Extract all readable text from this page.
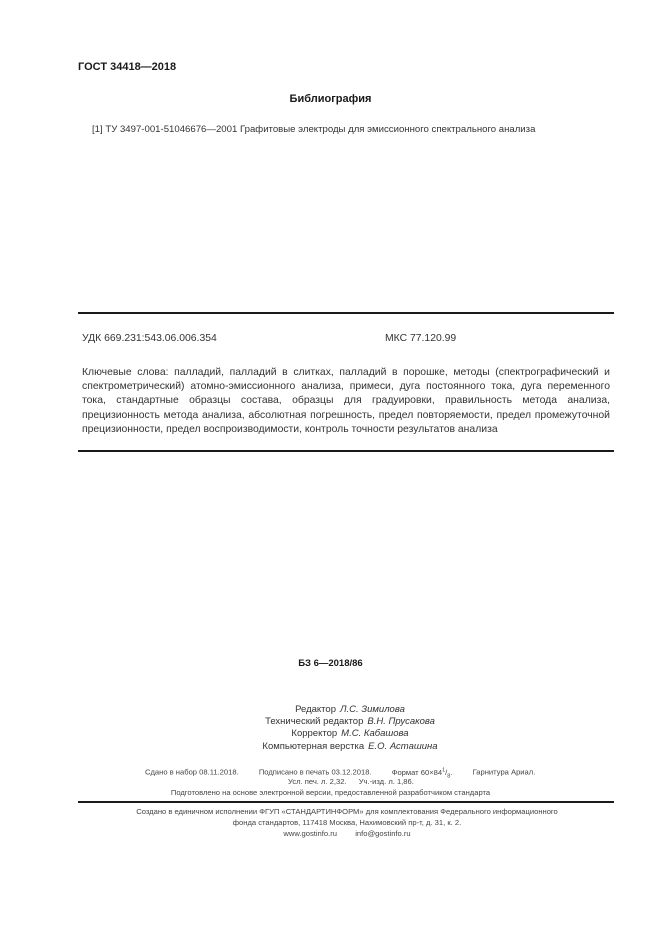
ГОСТ 34418—2018
Библиография
[1] ТУ 3497-001-51046676—2001 Графитовые электроды для эмиссионного спектрального анализа
УДК 669.231:543.06.006.354	МКС 77.120.99
Ключевые слова: палладий, палладий в слитках, палладий в порошке, методы (спектрографический и спектрометрический) атомно-эмиссионного анализа, примеси, дуга постоянного тока, дуга переменного тока, стандартные образцы состава, образцы для градуировки, правильность метода анализа, прецизионность метода анализа, абсолютная погрешность, предел повторяемости, предел промежуточной прецизионности, предел воспроизводимости, контроль точности результатов анализа
БЗ 6—2018/86
Редактор Л.С. Зимилова
Технический редактор В.Н. Прусакова
Корректор М.С. Кабашова
Компьютерная верстка Е.О. Асташина
Сдано в набор 08.11.2018.	Подписано в печать 03.12.2018.	Формат $60\times 84^1/_8$.	Гарнитура Ариал.
Усл. печ. л. 2,32. Уч.-изд. л. 1,86.
Подготовлено на основе электронной версии, предоставленной разработчиком стандарта
Создано в единичном исполнении ФГУП «СТАНДАРТИНФОРМ» для комплектования Федерального информационного
фонда стандартов, 117418 Москва, Нахимовский пр-т, д. 31, к. 2.
www.gostinfo.ru info@gostinfo.ru
